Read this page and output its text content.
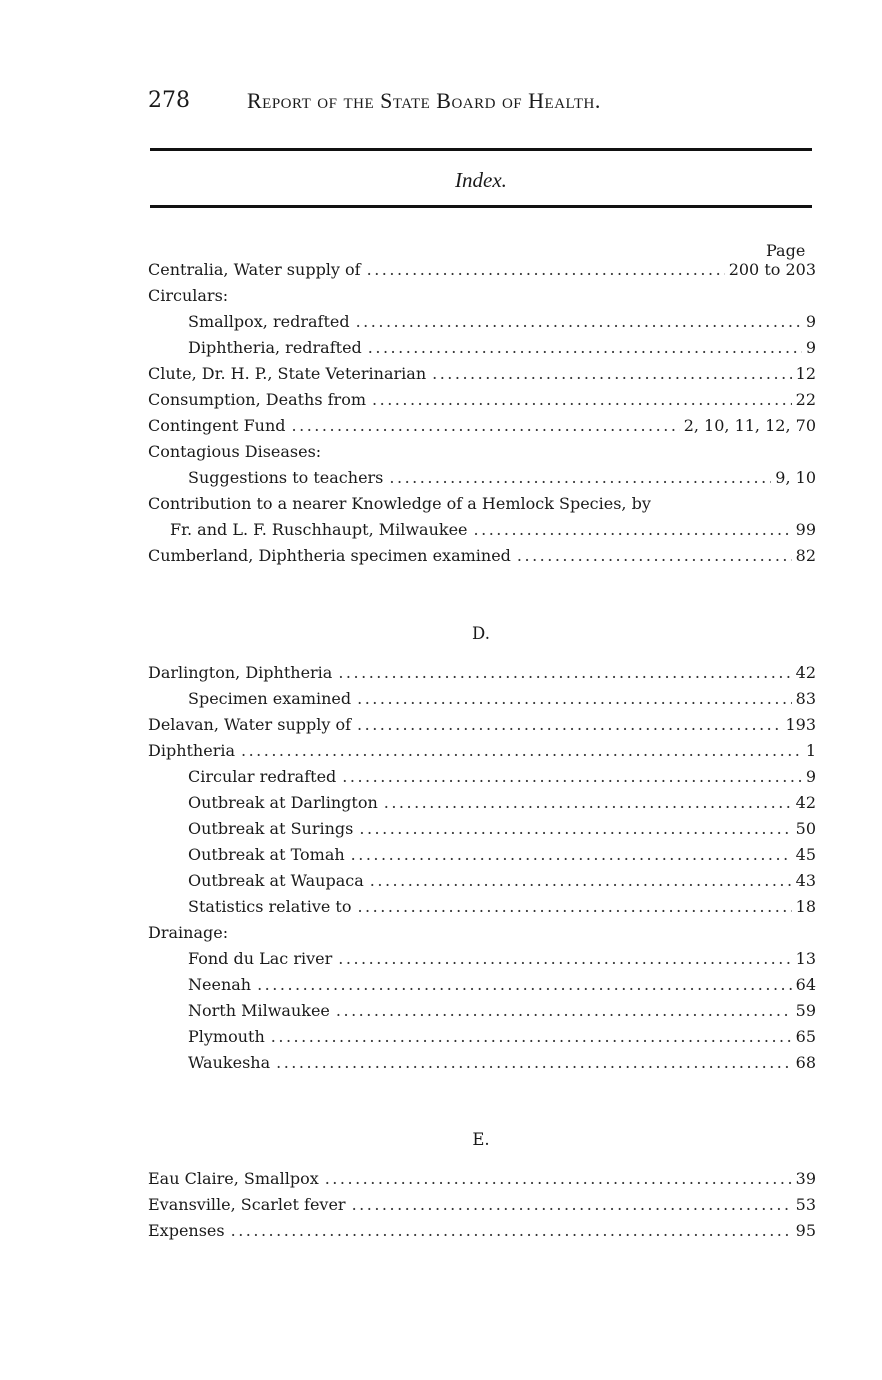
278	Report of the State Board of Health.
Index.
Page
Centralia, Water supply of .....	200 to 203
Circulars:
Smallpox, redrafted .....	9
Diphtheria, redrafted .....	9
Clute, Dr. H. P., State Veterinarian .....	12
Consumption, Deaths from .....	22
Contingent Fund .....	2, 10, 11, 12, 70
Contagious Diseases:
Suggestions to teachers .....	9, 10
Contribution to a nearer Knowledge of a Hemlock Species, by
Fr. and L. F. Ruschhaupt, Milwaukee .....	99
Cumberland, Diphtheria specimen examined .....	82
D.
Darlington, Diphtheria .....	42
Specimen examined .....	83
Delavan, Water supply of .....	193
Diphtheria .....	1
Circular redrafted .....	9
Outbreak at Darlington .....	42
Outbreak at Surings .....	50
Outbreak at Tomah .....	45
Outbreak at Waupaca .....	43
Statistics relative to .....	18
Drainage:
Fond du Lac river .....	13
Neenah .....	64
North Milwaukee .....	59
Plymouth .....	65
Waukesha .....	68
E.
Eau Claire, Smallpox .....	39
Evansville, Scarlet fever .....	53
Expenses .....	95
